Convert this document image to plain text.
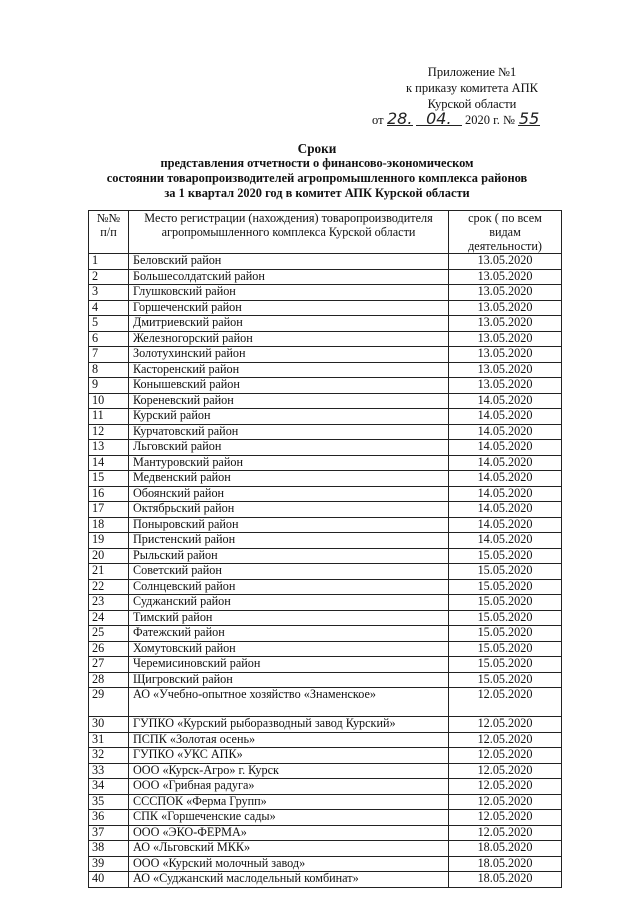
Приложение №1
к приказу комитета АПК
Курской области
от 28. 04. 2020 г. № 55
Сроки
представления отчетности о финансово-экономическом
состоянии товаропроизводителей агропромышленного комплекса районов
за 1 квартал 2020 год в комитет АПК Курской области
№№ п/п	Место регистрации (нахождения) товаропроизводителя агропромышленного комплекса Курской области	срок ( по всем видам деятельности)
1	Беловский район	13.05.2020
2	Большесолдатский район	13.05.2020
3	Глушковский район	13.05.2020
4	Горшеченский район	13.05.2020
5	Дмитриевский район	13.05.2020
6	Железногорский район	13.05.2020
7	Золотухинский район	13.05.2020
8	Касторенский район	13.05.2020
9	Конышевский район	13.05.2020
10	Кореневский район	14.05.2020
11	Курский район	14.05.2020
12	Курчатовский район	14.05.2020
13	Льговский район	14.05.2020
14	Мантуровский район	14.05.2020
15	Медвенский район	14.05.2020
16	Обоянский район	14.05.2020
17	Октябрьский район	14.05.2020
18	Поныровский район	14.05.2020
19	Пристенский район	14.05.2020
20	Рыльский район	15.05.2020
21	Советский район	15.05.2020
22	Солнцевский район	15.05.2020
23	Суджанский район	15.05.2020
24	Тимский район	15.05.2020
25	Фатежский район	15.05.2020
26	Хомутовский район	15.05.2020
27	Черемисиновский район	15.05.2020
28	Щигровский район	15.05.2020
29	АО «Учебно-опытное хозяйство «Знаменское»	12.05.2020
30	ГУПКО «Курский рыборазводный завод Курский»	12.05.2020
31	ПСПК «Золотая осень»	12.05.2020
32	ГУПКО «УКС АПК»	12.05.2020
33	ООО «Курск-Агро» г. Курск	12.05.2020
34	ООО «Грибная радуга»	12.05.2020
35	СССПОК «Ферма Групп»	12.05.2020
36	СПК «Горшеченские сады»	12.05.2020
37	ООО «ЭКО-ФЕРМА»	12.05.2020
38	АО «Льговский МКК»	18.05.2020
39	ООО «Курский молочный завод»	18.05.2020
40	АО «Суджанский маслодельный комбинат»	18.05.2020
